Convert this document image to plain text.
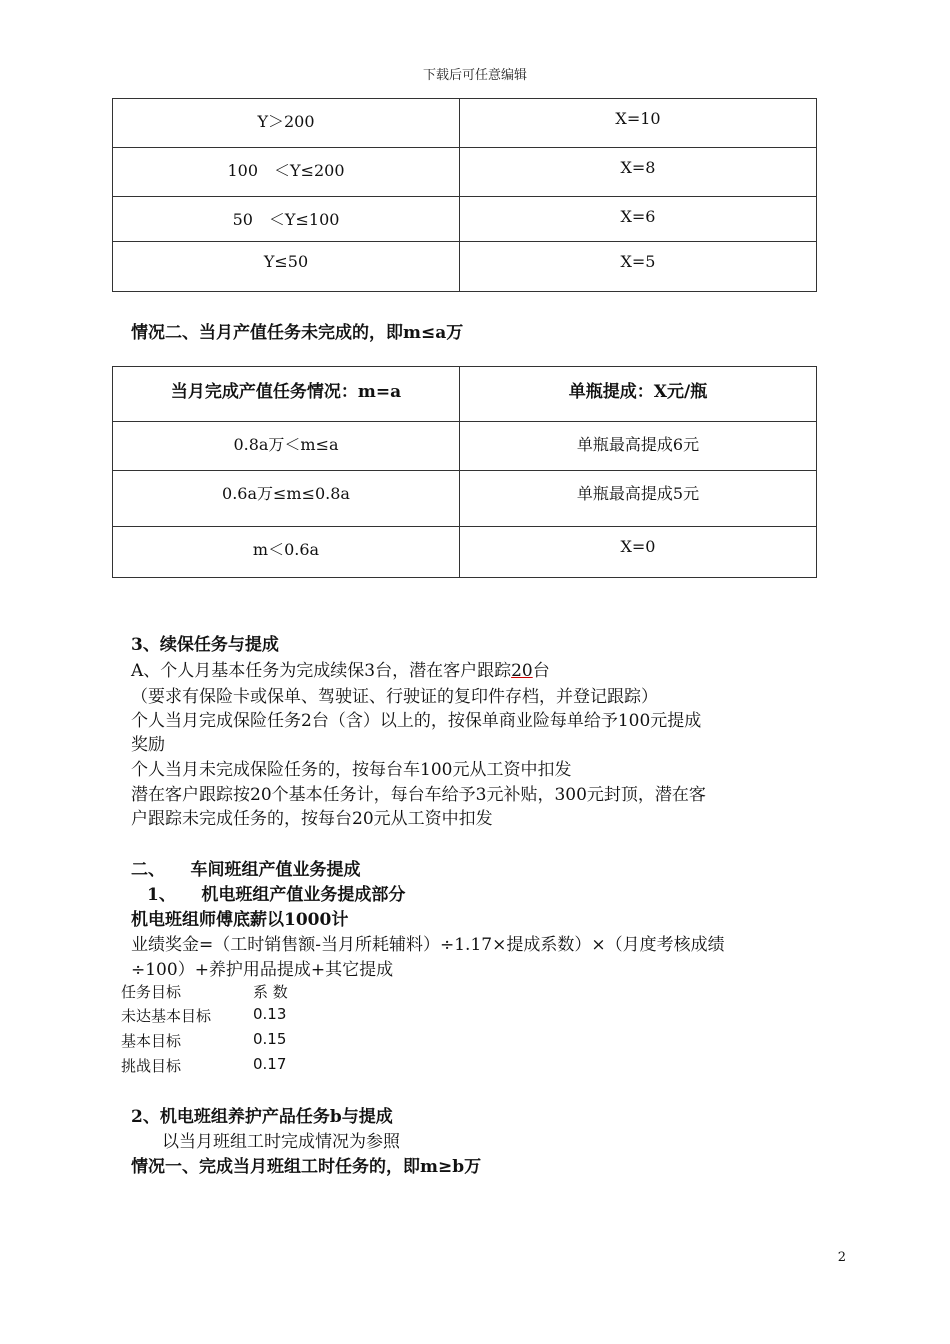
下载后可任意编辑
Y＞200	X=10
100　＜Y≤200	X=8
50　＜Y≤100	X=6
Y≤50	X=5
情况二、当月产值任务未完成的，即m≤a万
当月完成产值任务情况：m=a	单瓶提成：X元/瓶
0.8a万＜m≤a	单瓶最高提成6元
0.6a万≤m≤0.8a	单瓶最高提成5元
m＜0.6a	X=0
3、续保任务与提成
A、个人月基本任务为完成续保3台，潜在客户跟踪20台
（要求有保险卡或保单、驾驶证、行驶证的复印件存档，并登记跟踪）
个人当月完成保险任务2台（含）以上的，按保单商业险每单给予100元提成
奖励
个人当月未完成保险任务的，按每台车100元从工资中扣发
潜在客户跟踪按20个基本任务计，每台车给予3元补贴，300元封顶，潜在客
户跟踪未完成任务的，按每台20元从工资中扣发
二、　　车间班组产值业务提成
1、　　机电班组产值业务提成部分
机电班组师傅底薪以1000计
业绩奖金=（工时销售额-当月所耗辅料）÷1.17×提成系数）×（月度考核成绩
÷100）+养护用品提成+其它提成
任务目标	系 数
未达基本目标	0.13
基本目标	0.15
挑战目标	0.17
2、机电班组养护产品任务b与提成
以当月班组工时完成情况为参照
情况一、完成当月班组工时任务的，即m≥b万
2
